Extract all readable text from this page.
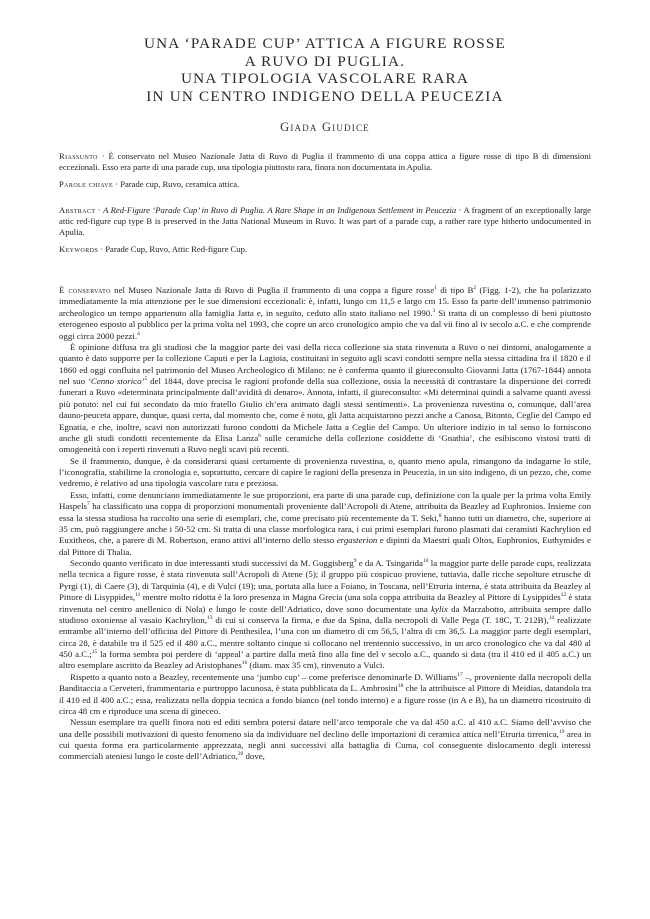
UNA ‘PARADE CUP’ ATTICA A FIGURE ROSSE
A RUVO DI PUGLIA.
UNA TIPOLOGIA VASCOLARE RARA
IN UN CENTRO INDIGENO DELLA PEUCEZIA
Giada Giudice
Riassunto · È conservato nel Museo Nazionale Jatta di Ruvo di Puglia il frammento di una coppa attica a figure rosse di tipo B di dimensioni eccezionali. Esso era parte di una parade cup, una tipologia piuttosto rara, finora non documentata in Apulia.
Parole chiave · Parade cup, Ruvo, ceramica attica.
Abstract · A Red-Figure ‘Parade Cup’ in Ruvo di Puglia. A Rare Shape in an Indigenous Settlement in Peucezia · A fragment of an exceptionally large attic red-figure cup type B is preserved in the Jatta National Museum in Ruvo. It was part of a parade cup, a rather rare type hitherto undocumented in Apulia.
Keywords · Parade Cup, Ruvo, Attic Red-figure Cup.

È conservato nel Museo Nazionale Jatta di Ruvo di Puglia il frammento di una coppa a figure rosse$^1$ di tipo $B^2$ (Figg. 1-2), che ha polarizzato immediatamente la mia attenzione per le sue dimensioni eccezionali: è, infatti, lungo cm 11,5 e largo cm 15. Esso fa parte dell’immenso patrimonio archeologico un tempo appartenuto alla famiglia Jatta e, in seguito, ceduto allo stato italiano nel 1990.$^3$ Si tratta di un complesso di beni piuttosto eterogeneo esposto al pubblico per la prima volta nel 1993, che copre un arco cronologico ampio che va dal vii fino al iv secolo a.C. e che comprende oggi circa 2000 pezzi.$^4$

È opinione diffusa tra gli studiosi che la maggior parte dei vasi della ricca collezione sia stata rinvenuta a Ruvo o nei dintorni, analogamente a quanto è dato supporre per la collezione Caputi e per la Lagioia, costituitasi in seguito agli scavi condotti sempre nella stessa cittadina fra il 1820 e il 1860 ed oggi confluita nel patrimonio del Museo Archeologico di Milano: ne è conferma quanto il giureconsulto Giovanni Jatta (1767-1844) annota nel suo ‘Cenno storico’$^5$ del 1844, dove precisa le ragioni profonde della sua collezione, ossia la necessità di contrastare la dispersione dei corredi funerari a Ruvo «determinata principalmente dall’avidità di denaro». Annota, infatti, il giureconsulto: «Mi determinai quindi a salvarne quanti avessi più potuto: nel cui fui secondato da mio fratello Giulio ch’era animato dagli stessi sentimenti». La provenienza ruvestina o, comunque, dall’area dauno-peuceta appare, dunque, quasi certa, dal momento che, come è noto, gli Jatta acquistarono pezzi anche a Canosa, Bitonto, Ceglie del Campo ed Egnatia, e che, inoltre, scavi non autorizzati furono condotti da Michele Jatta a Ceglie del Campo. Un ulteriore indizio in tal senso lo forniscono anche gli studi condotti recentemente da Elisa Lanza$^6$ sulle ceramiche della collezione cosiddette di ‘Gnathia’, che esibiscono vistosi tratti di omogeneità con i reperti rinvenuti a Ruvo negli scavi più recenti.

Se il frammento, dunque, è da considerarsi quasi certamente di provenienza ruvestina, o, quanto meno apula, rimangono da indagarne lo stile, l’iconografia, stabilirne la cronologia e, soprattutto, cercare di capire le ragioni della presenza in Peucezia, in un sito indigeno, di un pezzo, che, come vedremo, è relativo ad una tipologia vascolare rara e preziosa.

Esso, infatti, come denunciano immediatamente le sue proporzioni, era parte di una parade cup, definizione con la quale per la prima volta Emily Haspels$^7$ ha classificato una coppa di proporzioni monumentali proveniente dall’Acropoli di Atene, attribuita da Beazley ad Euphronios. Insieme con essa la stessa studiosa ha raccolto una serie di esemplari, che, come precisato più recentemente da T. Seki,$^8$ hanno tutti un diametro, che, superiore ai 35 cm, può raggiungere anche i 50-52 cm. Si tratta di una classe morfologica rara, i cui primi esemplari furono plasmati dai ceramisti Kachrylion ed Euxitheos, che, a parere di M. Robertson, erano attivi all’interno dello stesso ergasterion e dipinti da Maestri quali Oltos, Euphronios, Euthymides e dal Pittore di Thalia.

Secondo quanto verificato in due interessanti studi successivi da M. Guggisberg$^9$ e da A. Tsingarida$^{10}$ la maggior parte delle parade cups, realizzata nella tecnica a figure rosse, è stata rinvenuta sull’Acropoli di Atene (5); il gruppo più cospicuo proviene, tuttavia, dalle ricche sepolture etrusche di Pyrgi (1), di Caere (3), di Tarquinia (4), e di Vulci (19); una, portata alla luce a Foiano, in Toscana, nell’Etruria interna, è stata attribuita da Beazley al Pittore di Lisyppides,$^{11}$ mentre molto ridotta è la loro presenza in Magna Grecia (una sola coppa attribuita da Beazley al Pittore di Lysippides$^{12}$ è stata rinvenuta nel centro anellenico di Nola) e lungo le coste dell’Adriatico, dove sono documentate una kylix da Marzabotto, attribuita sempre dallo studioso oxoniense al vasaio Kachrylion,$^{13}$ di cui si conserva la firma, e due da Spina, dalla necropoli di Valle Pega (T. 18C, T. 212B),$^{14}$ realizzate entrambe all’interno dell’officina del Pittore di Penthesilea, l’una con un diametro di cm 56,5, l’altra di cm 36,5. La maggior parte degli esemplari, circa 28, è databile tra il 525 ed il 480 a.C., mentre soltanto cinque si collocano nel trentennio successivo, in un arco cronologico che va dal 480 al 450 a.C.;$^{15}$ la forma sembra poi perdere di ‘appeal’ a partire dalla metà fino alla fine del v secolo a.C., quando si data (tra il 410 ed il 405 a.C.) un altro esemplare ascritto da Beazley ad Aristophanes$^{16}$ (diam. max 35 cm), rinvenuto a Vulci.

Rispetto a quanto noto a Beazley, recentemente una ‘jumbo cup’ – come preferisce denominarle D. Williams$^{17}$ –, proveniente dalla necropoli della Banditaccia a Cerveteri, frammentaria e purtroppo lacunosa, è stata pubblicata da L. Ambrosini$^{18}$ che la attribuisce al Pittore di Meidias, datandola tra il 410 ed il 400 a.C.; essa, realizzata nella doppia tecnica a fondo bianco (nel tondo interno) e a figure rosse (in A e B), ha un diametro ricostruito di circa 48 cm e riproduce una scena di gineceo.

Nessun esemplare tra quelli finora noti ed editi sembra potersi datare nell’arco temporale che va dal 450 a.C. al 410 a.C. Siamo dell’avviso che una delle possibili motivazioni di questo fenomeno sia da individuare nel declino delle importazioni di ceramica attica nell’Etruria tirrenica,$^{19}$ area in cui questa forma era particolarmente apprezzata, negli anni successivi alla battaglia di Cuma, col conseguente dislocamento degli interessi commerciali ateniesi lungo le coste dell’Adriatico,$^{20}$ dove,
